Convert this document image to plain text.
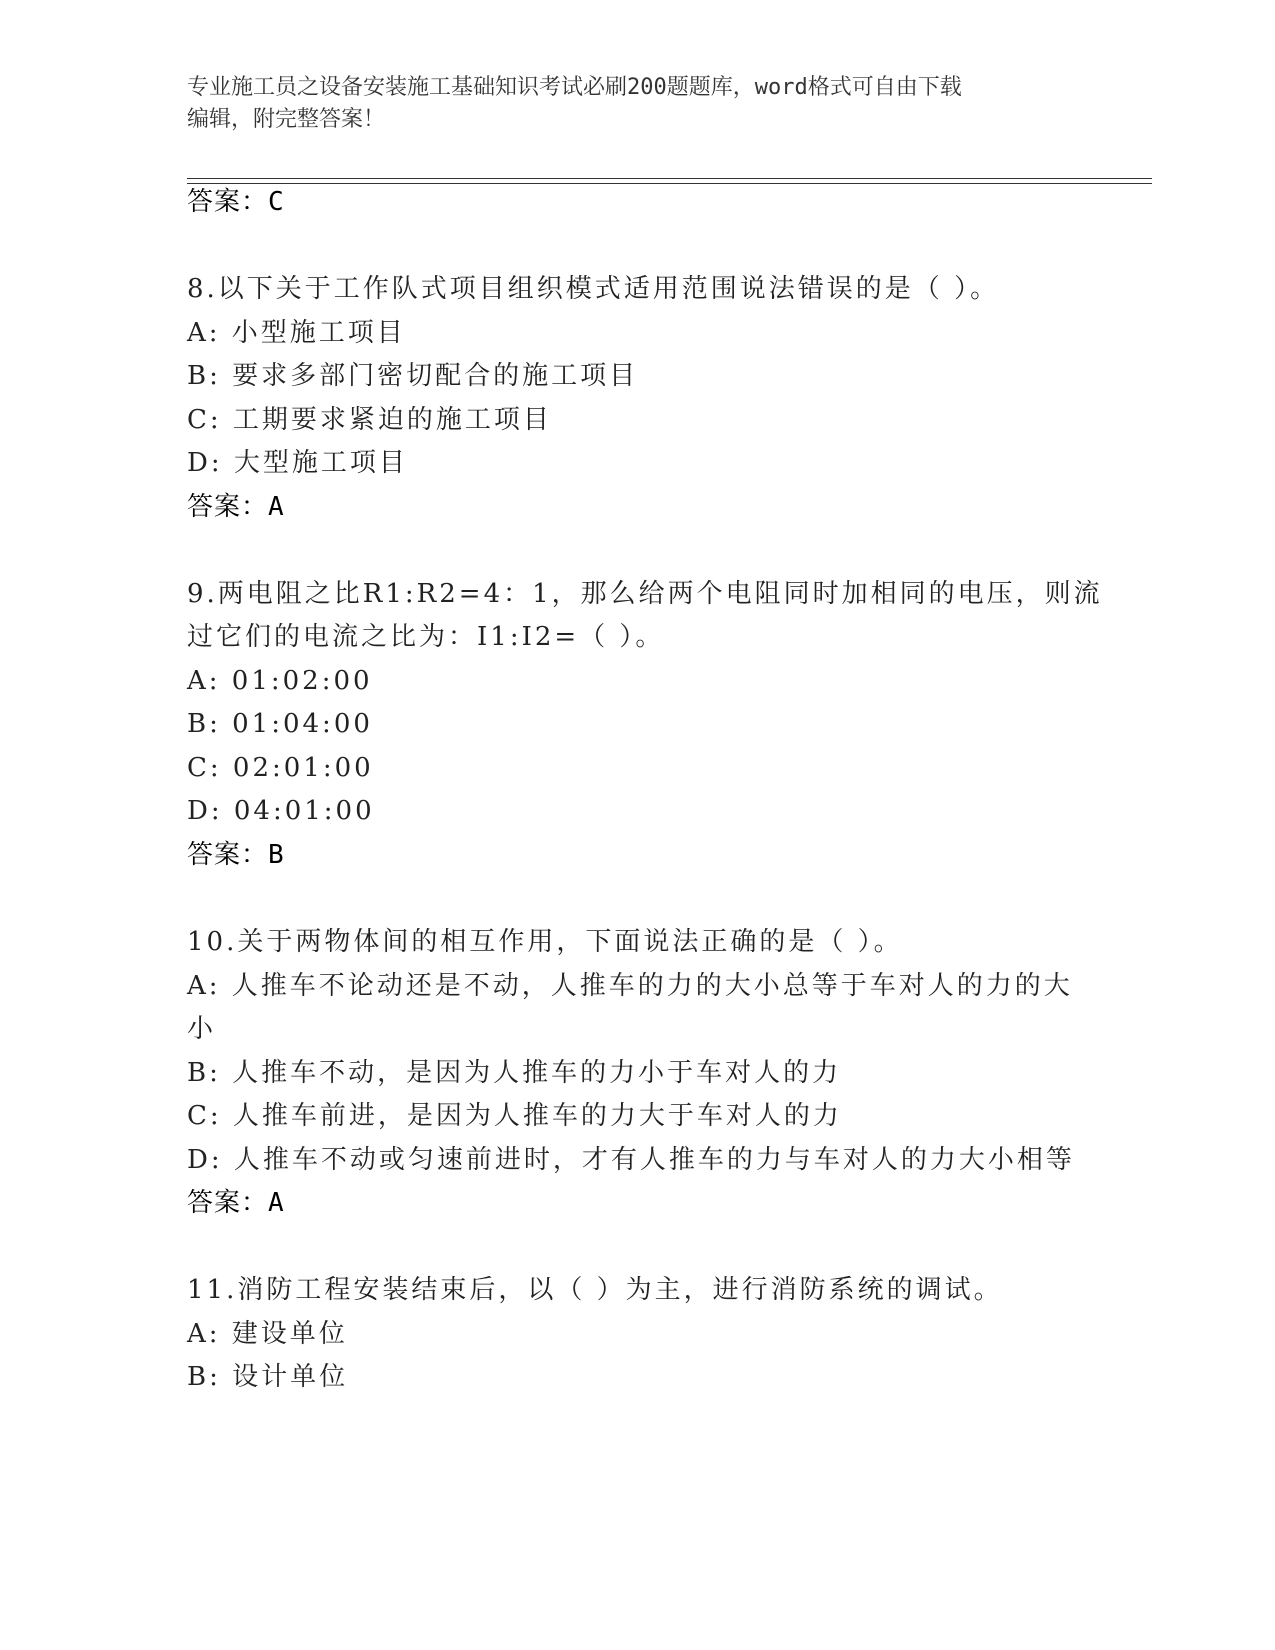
专业施工员之设备安装施工基础知识考试必刷200题题库，word格式可自由下载
编辑，附完整答案！
答案：C
8.以下关于工作队式项目组织模式适用范围说法错误的是（ ）。
A: 小型施工项目
B: 要求多部门密切配合的施工项目
C: 工期要求紧迫的施工项目
D: 大型施工项目
答案：A
9.两电阻之比R1:R2=4：1，那么给两个电阻同时加相同的电压，则流
过它们的电流之比为：I1:I2=（ ）。
A: 01:02:00
B: 01:04:00
C: 02:01:00
D: 04:01:00
答案：B
10.关于两物体间的相互作用，下面说法正确的是（ ）。
A: 人推车不论动还是不动，人推车的力的大小总等于车对人的力的大
小
B: 人推车不动，是因为人推车的力小于车对人的力
C: 人推车前进，是因为人推车的力大于车对人的力
D: 人推车不动或匀速前进时，才有人推车的力与车对人的力大小相等
答案：A
11.消防工程安装结束后，以（ ）为主，进行消防系统的调试。
A: 建设单位
B: 设计单位
